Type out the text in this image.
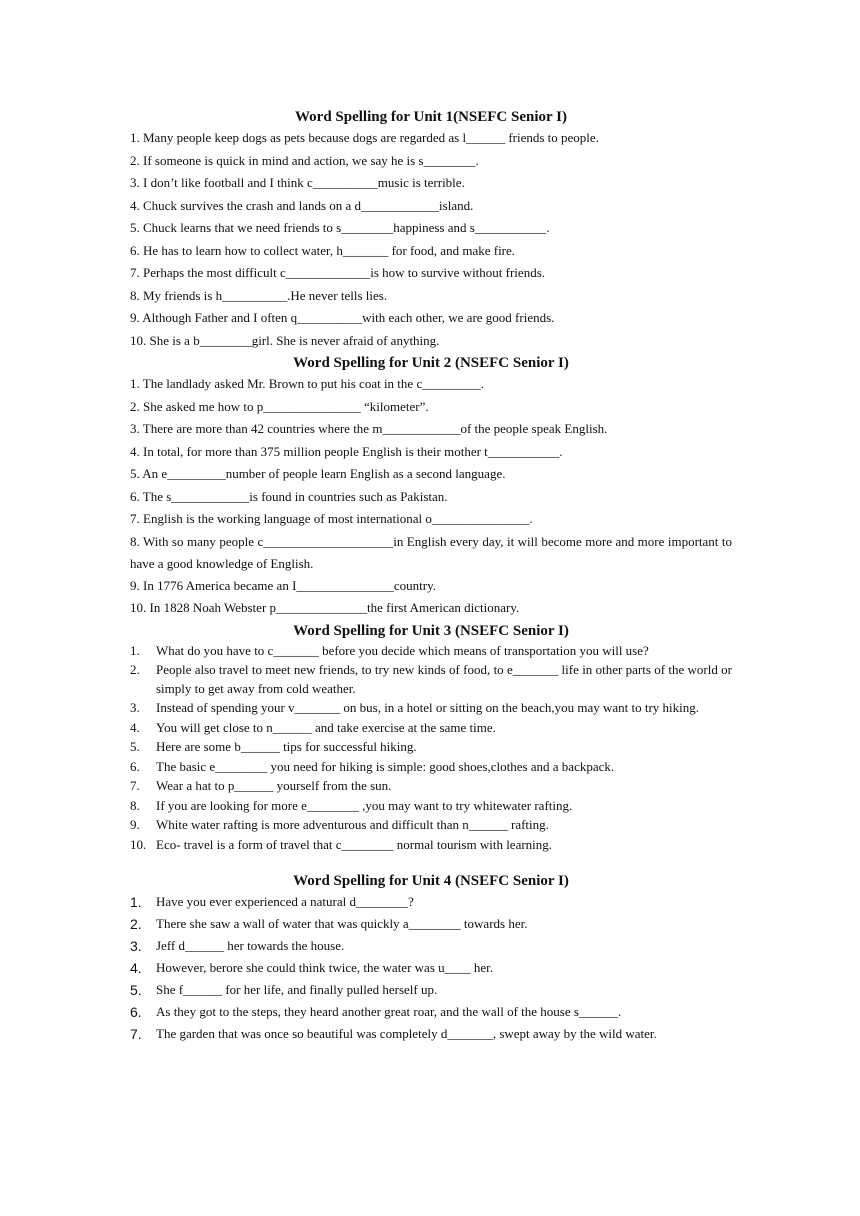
Word Spelling for Unit 1(NSEFC Senior I)

1. Many people keep dogs as pets because dogs are regarded as l______ friends to people.

2. If someone is quick in mind and action, we say he is s________.

3. I don’t like football and I think c__________music is terrible.

4. Chuck survives the crash and lands on a d____________island.

5. Chuck learns that we need friends to s________happiness and s___________.

6. He has to learn how to collect water, h_______ for food, and make fire.

7. Perhaps the most difficult c_____________is how to survive without friends.

8. My friends is h__________.He never tells lies.

9. Although Father and I often q__________with each other, we are good friends.

10. She is a b________girl. She is never afraid of anything.

Word Spelling for Unit 2 (NSEFC Senior I)

1. The landlady asked Mr. Brown to put his coat in the c_________.

2. She asked me how to p_______________ “kilometer”.

3. There are more than 42 countries where the m____________of the people speak English.

4. In total, for more than 375 million people English is their mother t___________.

5. An e_________number of people learn English as a second language.

6. The s____________is found in countries such as Pakistan.

7. English is the working language of most international o_______________.

8. With so many people c____________________in English every day, it will become more and more important to have a good knowledge of English.

9. In 1776 America became an I_______________country.

10. In 1828 Noah Webster p______________the first American dictionary.

Word Spelling for Unit 3 (NSEFC Senior I)
1.	What do you have to c_______ before you decide which means of transportation you will use?
2.	People also travel to meet new friends, to try new kinds of food, to e_______ life in other parts of the world or simply to get away from cold weather.
3.	Instead of spending your v_______ on bus, in a hotel or sitting on the beach,you may want to try hiking.
4.	You will get close to n______ and take exercise at the same time.
5.	Here are some b______ tips for successful hiking.
6.	The basic e________ you need for hiking is simple: good shoes,clothes and a backpack.
7.	Wear a hat to p______ yourself from the sun.
8.	If you are looking for more e________ ,you may want to try whitewater rafting.
9.	White water rafting is more adventurous and difficult than n______ rafting.
10. Eco- travel is a form of travel that c________ normal tourism with learning.
Word Spelling for Unit 4 (NSEFC Senior I)
1.	Have you ever experienced a natural d________?
2.	There she saw a wall of water that was quickly a________ towards her.
3.	Jeff d______ her towards the house.
4.	However, berore she could think twice, the water was u____ her.
5.	She f______ for her life, and finally pulled herself up.
6.	As they got to the steps, they heard another great roar, and the wall of the house s______.
7.	The garden that was once so beautiful was completely d_______, swept away by the wild water.
